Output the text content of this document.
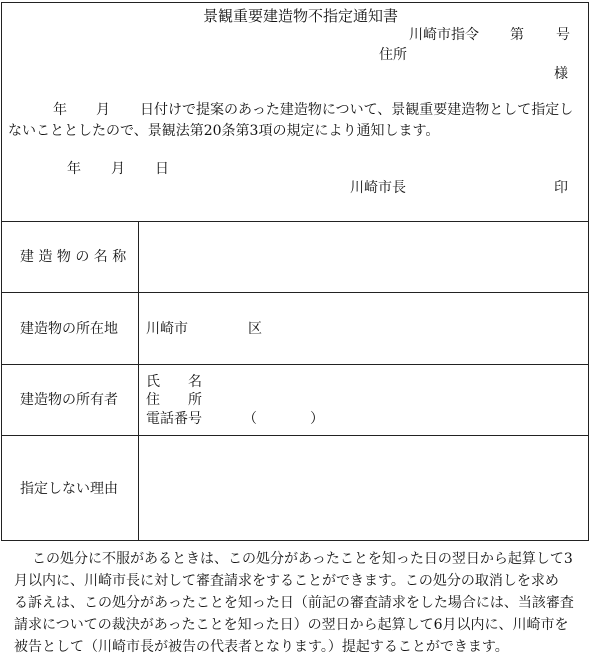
景観重要建造物不指定通知書
川崎市指令 第 号
住所
様
年 月 日付けで提案のあった建造物について、景観重要建造物として指定し
ないこととしたので、景観法第20条第3項の規定により通知します。
年 月 日
川崎市長	印
建 造 物 の 名 称
建造物の所在地 川崎市	区
建造物の所有者
氏　　名
住　　所
電話番号	（	）
指定しない理由

この処分に不服があるときは、この処分があったことを知った日の翌日から起算して3

月以内に、川崎市長に対して審査請求をすることができます。この処分の取消しを求め

る訴えは、この処分があったことを知った日（前記の審査請求をした場合には、当該審査

請求についての裁決があったことを知った日）の翌日から起算して6月以内に、川崎市を

被告として（川崎市長が被告の代表者となります。）提起することができます。
